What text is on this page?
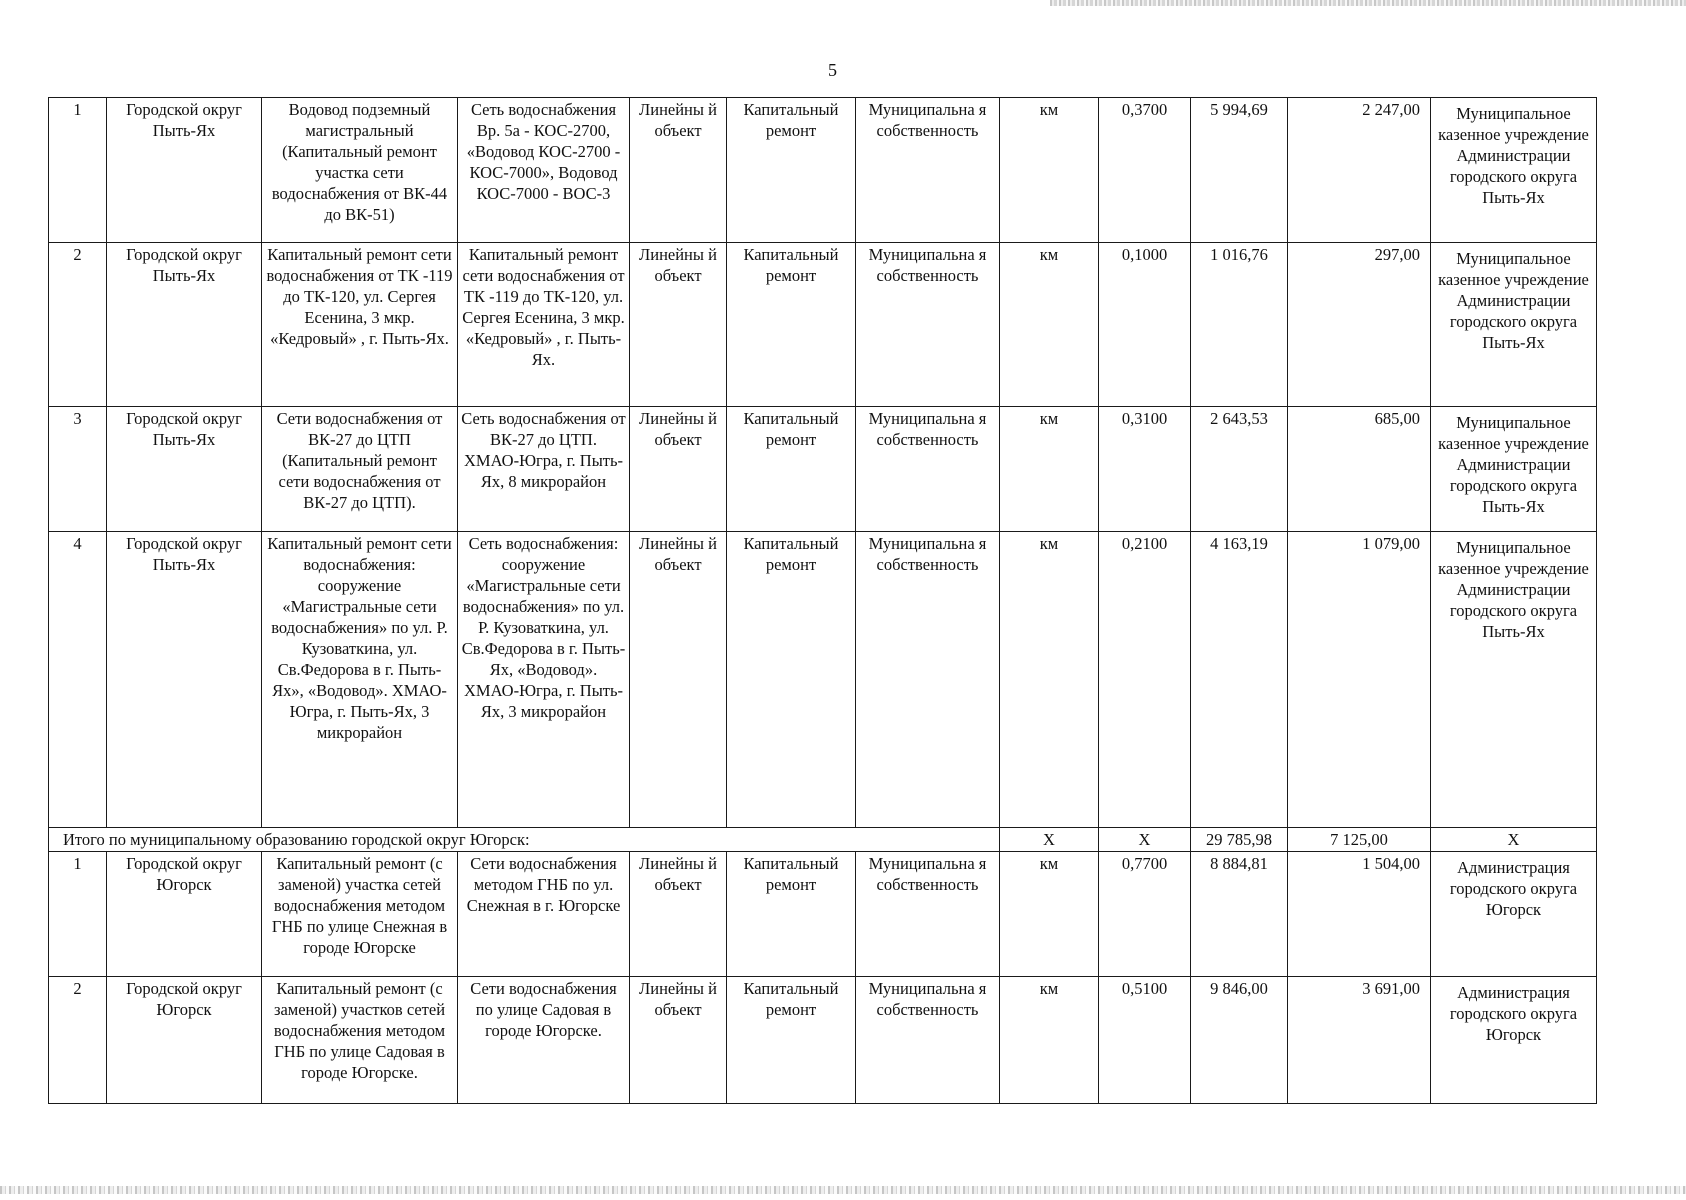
5
1	Городской округ Пыть-Ях	Водовод подземный магистральный (Капитальный ремонт участка сети водоснабжения от ВК-44 до ВК-51)	Сеть водоснабжения Вр. 5а - КОС-2700, «Водовод КОС-2700 - КОС-7000», Водовод КОС-7000 - ВОС-3	Линейны й объект	Капитальный ремонт	Муниципальна я собственность	км	0,3700	5 994,69	2 247,00	Муниципальное казенное учреждение Администрации городского округа Пыть-Ях

2	Городской округ Пыть-Ях	Капитальный ремонт сети водоснабжения от ТК -119 до ТК-120, ул. Сергея Есенина, 3 мкр. «Кедровый» , г. Пыть-Ях.	Капитальный ремонт сети водоснабжения от ТК -119 до ТК-120, ул. Сергея Есенина, 3 мкр. «Кедровый» , г. Пыть-Ях.	Линейны й объект	Капитальный ремонт	Муниципальна я собственность	км	0,1000	1 016,76	297,00	Муниципальное казенное учреждение Администрации городского округа Пыть-Ях

3	Городской округ Пыть-Ях	Сети водоснабжения от ВК-27 до ЦТП (Капитальный ремонт сети водоснабжения от ВК-27 до ЦТП).	Сеть водоснабжения от ВК-27 до ЦТП. ХМАО-Югра, г. Пыть-Ях, 8 микрорайон	Линейны й объект	Капитальный ремонт	Муниципальна я собственность	км	0,3100	2 643,53	685,00	Муниципальное казенное учреждение Администрации городского округа Пыть-Ях

4	Городской округ Пыть-Ях	Капитальный ремонт сети водоснабжения: сооружение «Магистральные сети водоснабжения» по ул. Р. Кузоваткина, ул. Св.Федорова в г. Пыть-Ях», «Водовод». ХМАО-Югра, г. Пыть-Ях, 3 микрорайон	Сеть водоснабжения: сооружение «Магистральные сети водоснабжения» по ул. Р. Кузоваткина, ул. Св.Федорова в г. Пыть-Ях, «Водовод». ХМАО-Югра, г. Пыть-Ях, 3 микрорайон	Линейны й объект	Капитальный ремонт	Муниципальна я собственность	км	0,2100	4 163,19	1 079,00	Муниципальное казенное учреждение Администрации городского округа Пыть-Ях

Итого по муниципальному образованию городской округ Югорск:							Х	Х	29 785,98	7 125,00	Х
1	Городской округ Югорск	Капитальный ремонт (с заменой) участка сетей водоснабжения методом ГНБ по улице Снежная в городе Югорске	Сети водоснабжения методом ГНБ по ул. Снежная в г. Югорске	Линейны й объект	Капитальный ремонт	Муниципальна я собственность	км	0,7700	8 884,81	1 504,00	Администрация городского округа Югорск

2	Городской округ Югорск	Капитальный ремонт (с заменой) участков сетей водоснабжения методом ГНБ по улице Садовая в городе Югорске.	Сети водоснабжения по улице Садовая в городе Югорске.	Линейны й объект	Капитальный ремонт	Муниципальна я собственность	км	0,5100	9 846,00	3 691,00	Администрация городского округа Югорск
